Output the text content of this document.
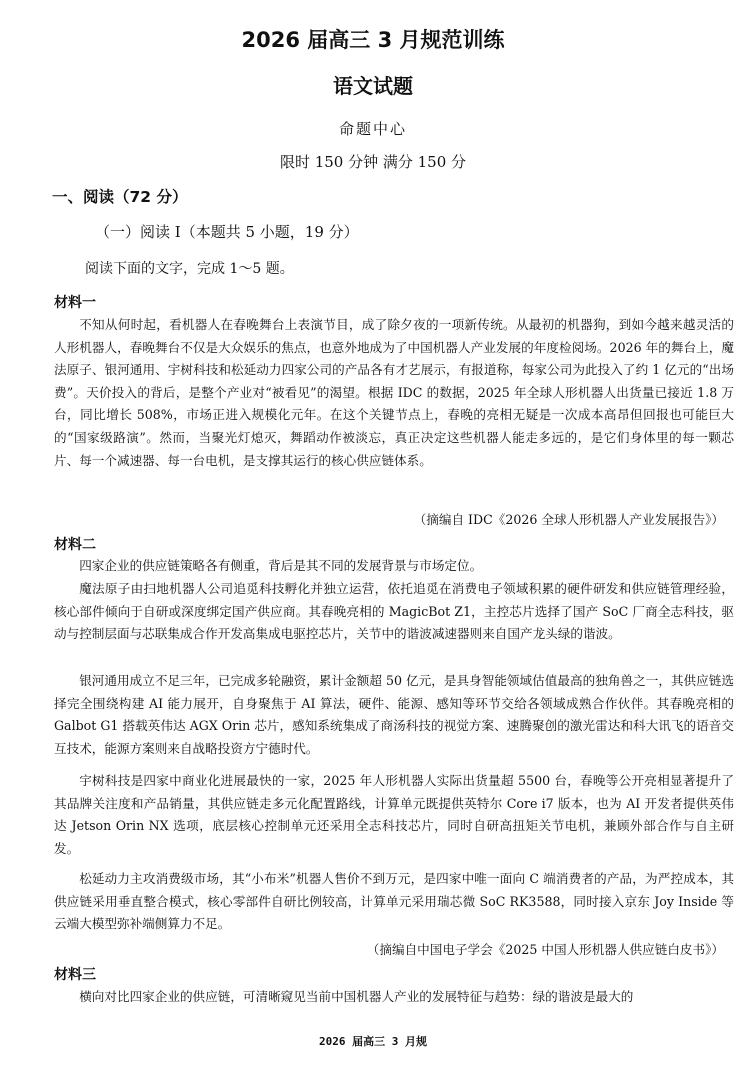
2026 届高三 3 月规范训练
语文试题
命题中心
限时 150 分钟 满分 150 分
一、阅读（72 分）
（一）阅读 I（本题共 5 小题，19 分）
阅读下面的文字，完成 1～5 题。
材料一

不知从何时起，看机器人在春晚舞台上表演节目，成了除夕夜的一项新传统。从最初的机器狗，到如今越来越灵活的人形机器人，春晚舞台不仅是大众娱乐的焦点，也意外地成为了中国机器人产业发展的年度检阅场。2026 年的舞台上，魔法原子、银河通用、宇树科技和松延动力四家公司的产品各有才艺展示，有报道称，每家公司为此投入了约 1 亿元的“出场费”。天价投入的背后，是整个产业对“被看见”的渴望。根据 IDC 的数据，2025 年全球人形机器人出货量已接近 1.8 万台，同比增长 508%，市场正进入规模化元年。在这个关键节点上，春晚的亮相无疑是一次成本高昂但回报也可能巨大的“国家级路演”。然而，当聚光灯熄灭，舞蹈动作被淡忘，真正决定这些机器人能走多远的，是它们身体里的每一颗芯片、每一个减速器、每一台电机，是支撑其运行的核心供应链体系。

（摘编自 IDC《2026 全球人形机器人产业发展报告》）
材料二

四家企业的供应链策略各有侧重，背后是其不同的发展背景与市场定位。

魔法原子由扫地机器人公司追觅科技孵化并独立运营，依托追觅在消费电子领域积累的硬件研发和供应链管理经验，核心部件倾向于自研或深度绑定国产供应商。其春晚亮相的 MagicBot Z1，主控芯片选择了国产 SoC 厂商全志科技，驱动与控制层面与芯联集成合作开发高集成电驱控芯片，关节中的谐波减速器则来自国产龙头绿的谐波。

银河通用成立不足三年，已完成多轮融资，累计金额超 50 亿元，是具身智能领域估值最高的独角兽之一，其供应链选择完全围绕构建 AI 能力展开，自身聚焦于 AI 算法，硬件、能源、感知等环节交给各领域成熟合作伙伴。其春晚亮相的 Galbot G1 搭载英伟达 AGX Orin 芯片，感知系统集成了商汤科技的视觉方案、速腾聚创的激光雷达和科大讯飞的语音交互技术，能源方案则来自战略投资方宁德时代。

宇树科技是四家中商业化进展最快的一家，2025 年人形机器人实际出货量超 5500 台，春晚等公开亮相显著提升了其品牌关注度和产品销量，其供应链走多元化配置路线，计算单元既提供英特尔 Core i7 版本，也为 AI 开发者提供英伟达 Jetson Orin NX 选项，底层核心控制单元还采用全志科技芯片，同时自研高扭矩关节电机，兼顾外部合作与自主研发。

松延动力主攻消费级市场，其“小布米”机器人售价不到万元，是四家中唯一面向 C 端消费者的产品，为严控成本，其供应链采用垂直整合模式，核心零部件自研比例较高，计算单元采用瑞芯微 SoC RK3588，同时接入京东 Joy Inside 等云端大模型弥补端侧算力不足。

（摘编自中国电子学会《2025 中国人形机器人供应链白皮书》）
材料三

横向对比四家企业的供应链，可清晰窥见当前中国机器人产业的发展特征与趋势：绿的谐波是最大的

2026 届高三 3 月规
